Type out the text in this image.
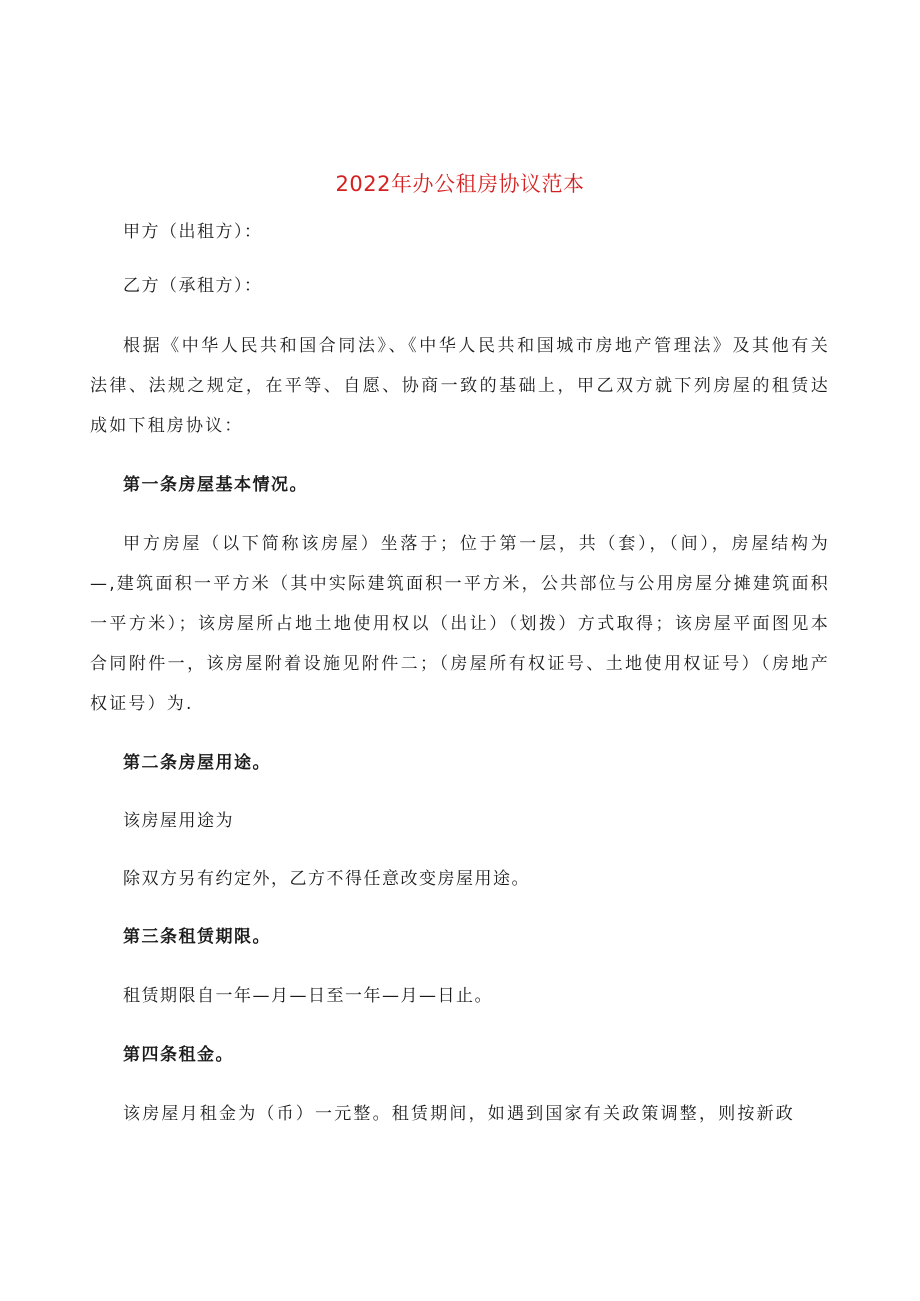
2022年办公租房协议范本
甲方（出租方）：
乙方（承租方）：
根据《中华人民共和国合同法》、《中华人民共和国城市房地产管理法》及其他有关法律、法规之规定，在平等、自愿、协商一致的基础上，甲乙双方就下列房屋的租赁达成如下租房协议：
第一条房屋基本情况。
甲方房屋（以下简称该房屋）坐落于；位于第一层，共（套），（间），房屋结构为—,建筑面积一平方米（其中实际建筑面积一平方米，公共部位与公用房屋分摊建筑面积一平方米）；该房屋所占地土地使用权以（出让）（划拨）方式取得；该房屋平面图见本合同附件一，该房屋附着设施见附件二；（房屋所有权证号、土地使用权证号）（房地产权证号）为.
第二条房屋用途。
该房屋用途为
除双方另有约定外，乙方不得任意改变房屋用途。
第三条租赁期限。
租赁期限自一年—月—日至一年—月—日止。
第四条租金。
该房屋月租金为（币）一元整。租赁期间，如遇到国家有关政策调整，则按新政
